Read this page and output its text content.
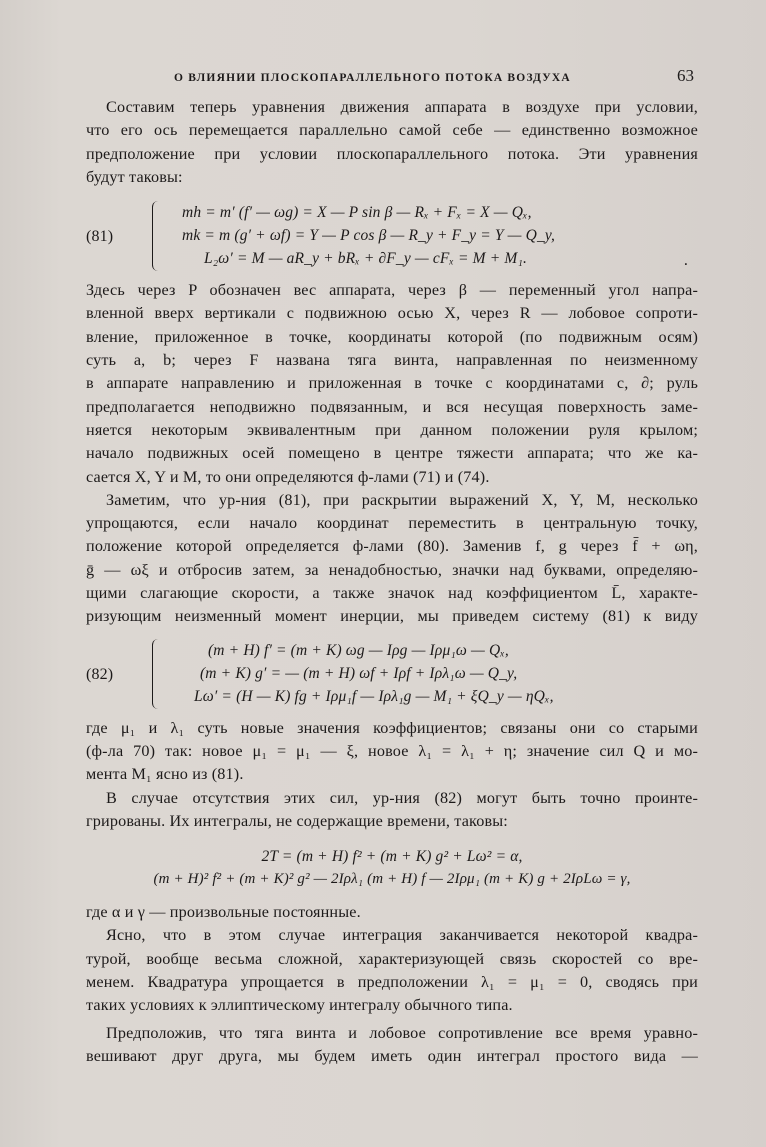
О ВЛИЯНИИ ПЛОСКОПАРАЛЛЕЛЬНОГО ПОТОКА ВОЗДУХА	63

Составим теперь уравнения движения аппарата в воздухе при условии,
что его ось перемещается параллельно самой себе — единственно возможное
предположение при условии плоскопараллельного потока. Эти уравнения
будут таковы:

(81)
mh = m′ (f′ — ωg) = X — P sin β — Rₓ + Fₓ = X — Qₓ,
mk = m (g′ + ωf) = Y — P cos β — R_y + F_y = Y — Q_y,
L₂ω′ = M — aR_y + bRₓ + ∂F_y — cFₓ = M + M₁.	.

Здесь через P обозначен вес аппарата, через β — переменный угол напра-
вленной вверх вертикали с подвижною осью X, через R — лобовое сопроти-
вление, приложенное в точке, координаты которой (по подвижным осям)
суть a, b; через F названа тяга винта, направленная по неизменному
в аппарате направлению и приложенная в точке с координатами c, ∂; руль
предполагается неподвижно подвязанным, и вся несущая поверхность заме-
няется некоторым эквивалентным при данном положении руля крылом;
начало подвижных осей помещено в центре тяжести аппарата; что же ка-
сается X, Y и M, то они определяются ф-лами (71) и (74).

Заметим, что ур-ния (81), при раскрытии выражений X, Y, M, несколько
упрощаются, если начало координат переместить в центральную точку,
положение которой определяется ф-лами (80). Заменив f, g через f̄ + ωη,
ḡ — ωξ и отбросив затем, за ненадобностью, значки над буквами, определяю-
щими слагающие скорости, а также значок над коэффициентом L̄, характе-
ризующим неизменный момент инерции, мы приведем систему (81) к виду

(82)
(m + H) f′ = (m + K) ωg — Iρg — Iρμ₁ω — Qₓ,
(m + K) g′ = — (m + H) ωf + Iρf + Iρλ₁ω — Q_y,
Lω′ = (H — K) fg + Iρμ₁f — Iρλ₁g — M₁ + ξQ_y — ηQₓ,

где μ₁ и λ₁ суть новые значения коэффициентов; связаны они со старыми
(ф-ла 70) так: новое μ₁ = μ₁ — ξ, новое λ₁ = λ₁ + η; значение сил Q и мо-
мента M₁ ясно из (81).

В случае отсутствия этих сил, ур-ния (82) могут быть точно проинте-
грированы. Их интегралы, не содержащие времени, таковы:

2T = (m + H) f² + (m + K) g² + Lω² = α,
(m + H)² f² + (m + K)² g² — 2Iρλ₁ (m + H) f — 2Iρμ₁ (m + K) g + 2IρLω = γ,

где α и γ — произвольные постоянные.

Ясно, что в этом случае интеграция заканчивается некоторой квадра-
турой, вообще весьма сложной, характеризующей связь скоростей со вре-
менем. Квадратура упрощается в предположении λ₁ = μ₁ = 0, сводясь при
таких условиях к эллиптическому интегралу обычного типа.

Предположив, что тяга винта и лобовое сопротивление все время уравно-
вешивают друг друга, мы будем иметь один интеграл простого вида —
